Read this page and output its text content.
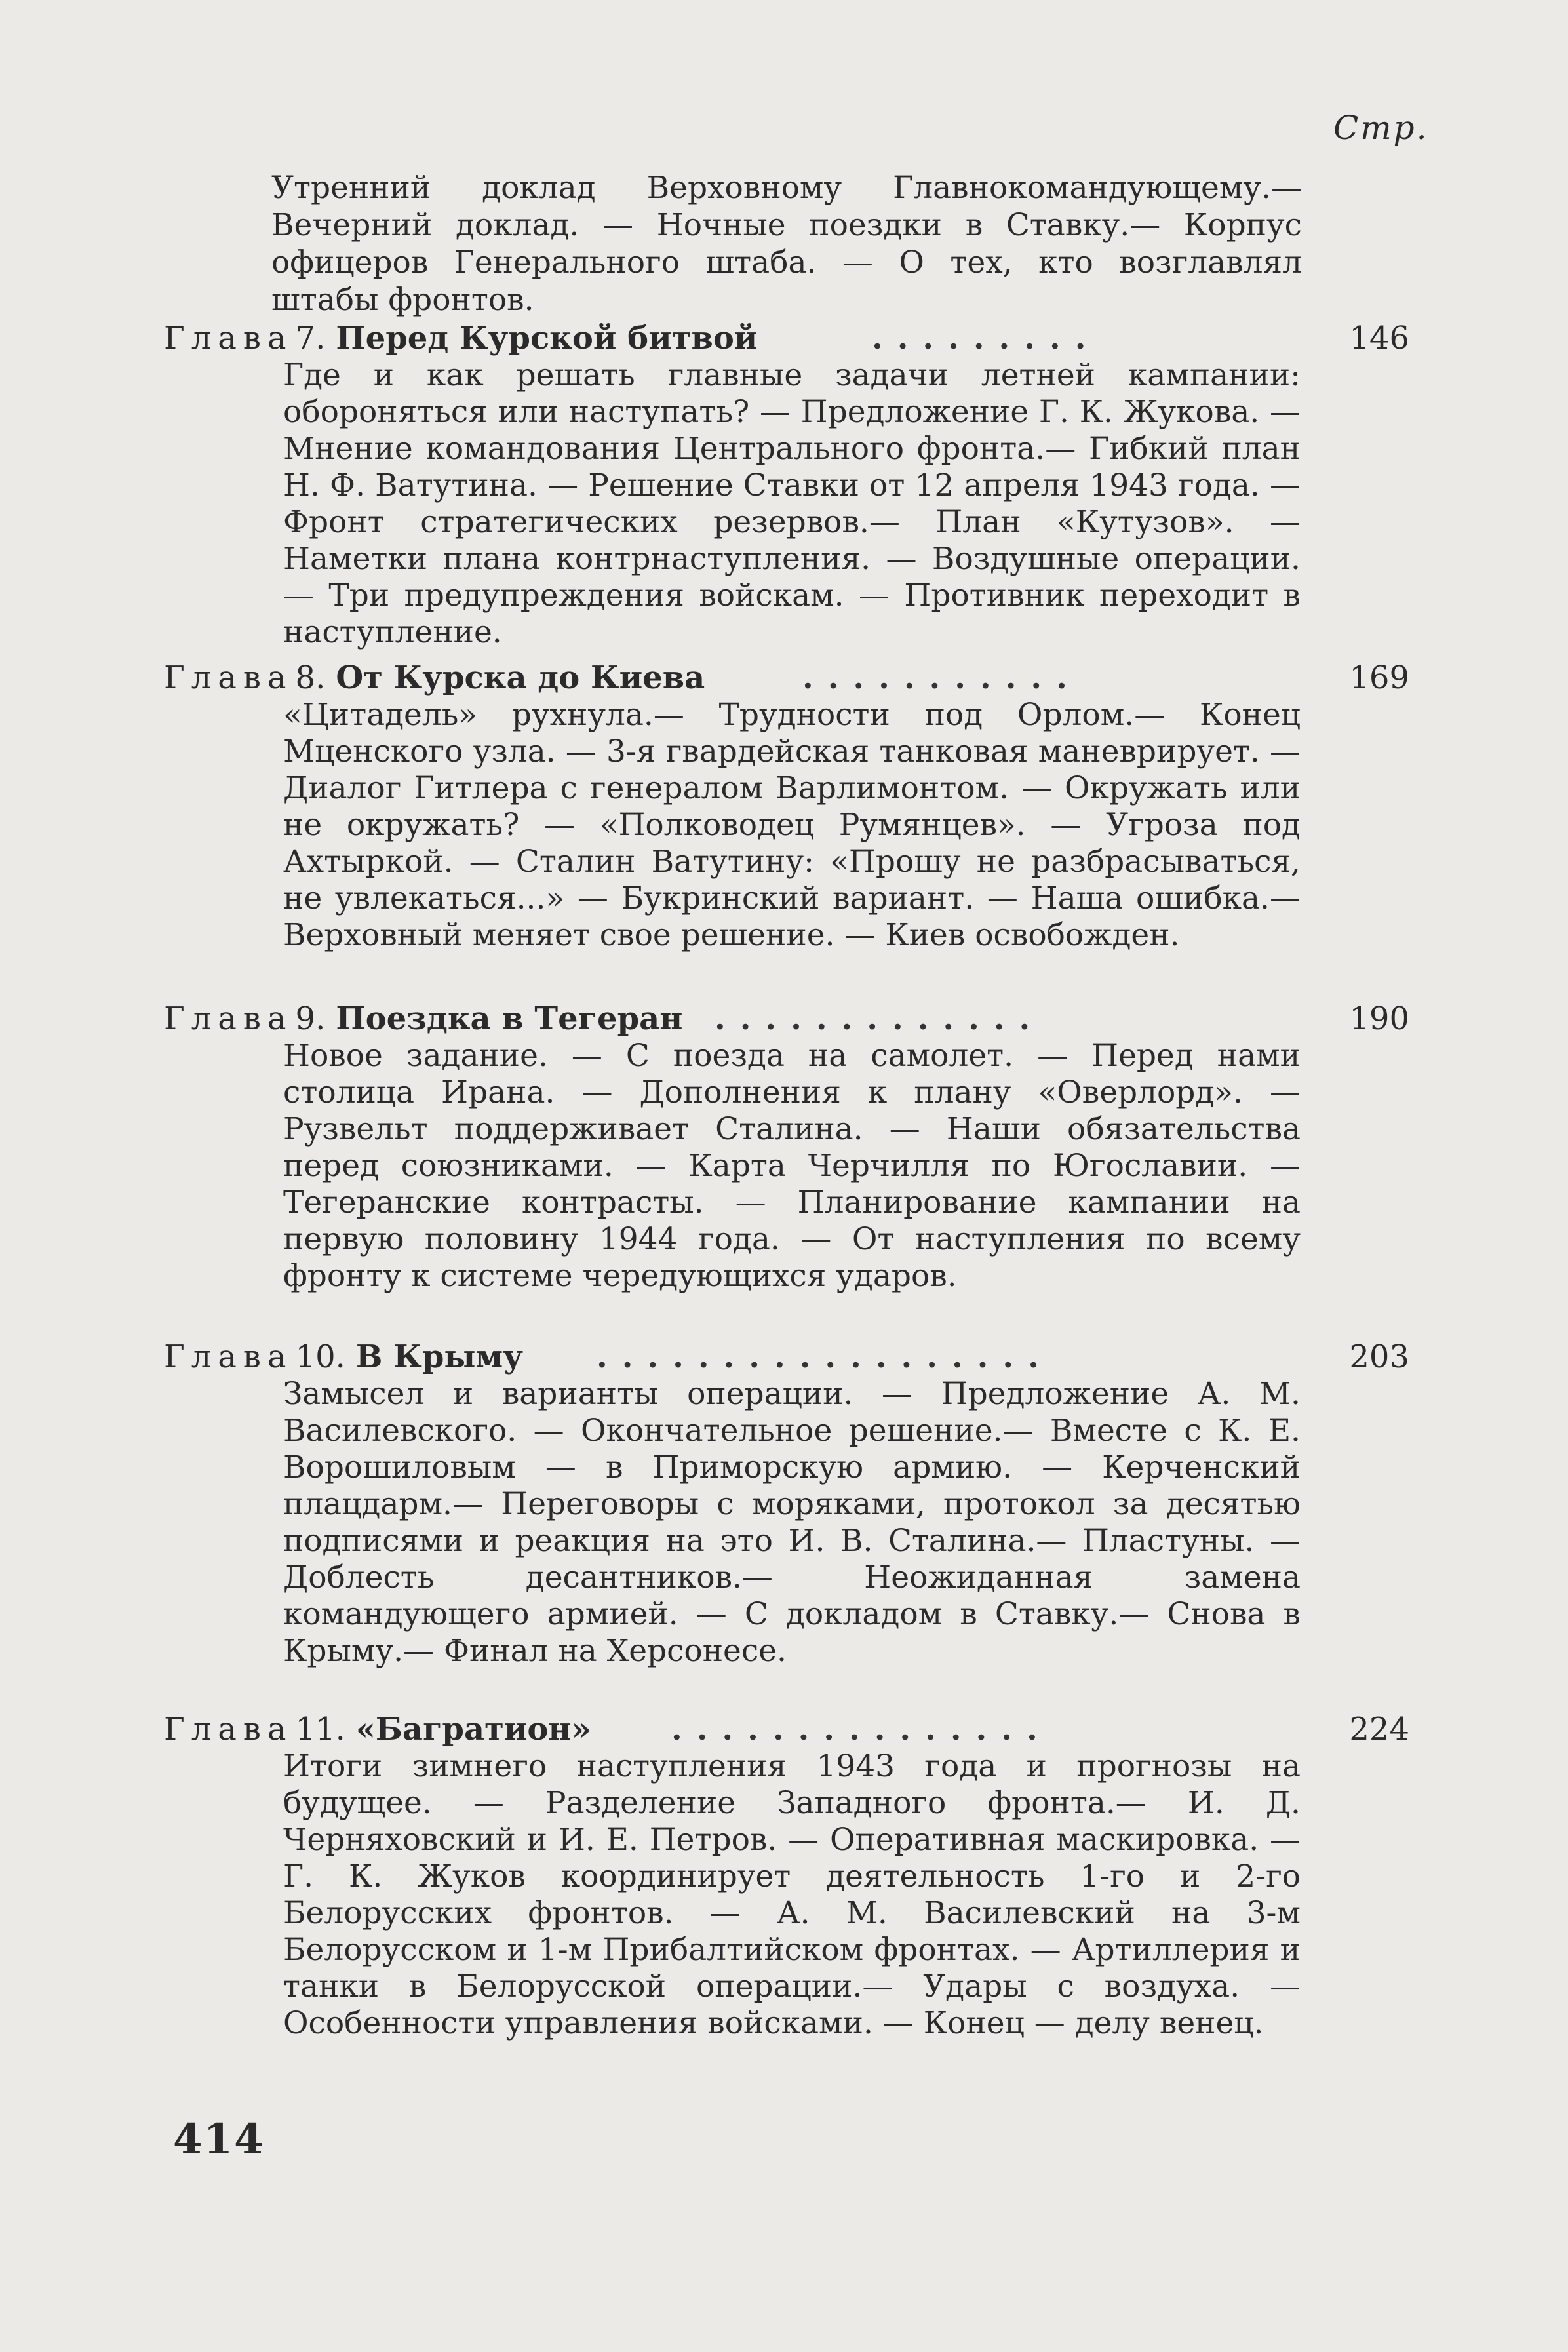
Стр.
Утренний доклад Верховному Главнокомандующему.— Вечерний доклад. — Ночные поездки в Ставку.— Корпус офицеров Генерального штаба. — О тех, кто возглавлял штабы фронтов.
Глава7. Перед Курской битвой	.........	146
Где и как решать главные задачи летней кампании: обороняться или наступать? — Предложение Г. К. Жукова. — Мнение командования Центрального фронта.— Гибкий план Н. Ф. Ватутина. — Решение Ставки от 12 апреля 1943 года. — Фронт стратегических резервов.— План «Кутузов». — Наметки плана контрнаступления. — Воздушные операции. — Три предупреждения войскам. — Противник переходит в наступление.
Глава8. От Курска до Киева	...........	169
«Цитадель» рухнула.— Трудности под Орлом.— Конец Мценского узла. — 3-я гвардейская танковая маневрирует. — Диалог Гитлера с генералом Варлимонтом. — Окружать или не окружать? — «Полководец Румянцев». — Угроза под Ахтыркой. — Сталин Ватутину: «Прошу не разбрасываться, не увлекаться...» — Букринский вариант. — Наша ошибка.— Верховный меняет свое решение. — Киев освобожден.
Глава9. Поездка в Тегеран .............	190
Новое задание. — С поезда на самолет. — Перед нами столица Ирана. — Дополнения к плану «Оверлорд». — Рузвельт поддерживает Сталина. — Наши обязательства перед союзниками. — Карта Черчилля по Югославии. — Тегеранские контрасты. — Планирование кампании на первую половину 1944 года. — От наступления по всему фронту к системе чередующихся ударов.
Глава10. В Крыму ..................	203
Замысел и варианты операции. — Предложение А. М. Василевского. — Окончательное решение.— Вместе с К. Е. Ворошиловым — в Приморскую армию. — Керченский плацдарм.— Переговоры с моряками, протокол за десятью подписями и реакция на это И. В. Сталина.— Пластуны. — Доблесть десантников.— Неожиданная замена командующего армией. — С докладом в Ставку.— Снова в Крыму.— Финал на Херсонесе.
Глава11. «Багратион»	...............	224
Итоги зимнего наступления 1943 года и прогнозы на будущее. — Разделение Западного фронта.— И. Д. Черняховский и И. Е. Петров. — Оперативная маскировка. — Г. К. Жуков координирует деятельность 1-го и 2-го Белорусских фронтов. — А. М. Василевский на 3-м Белорусском и 1-м Прибалтийском фронтах. — Артиллерия и танки в Белорусской операции.— Удары с воздуха. — Особенности управления войсками. — Конец — делу венец.
414
